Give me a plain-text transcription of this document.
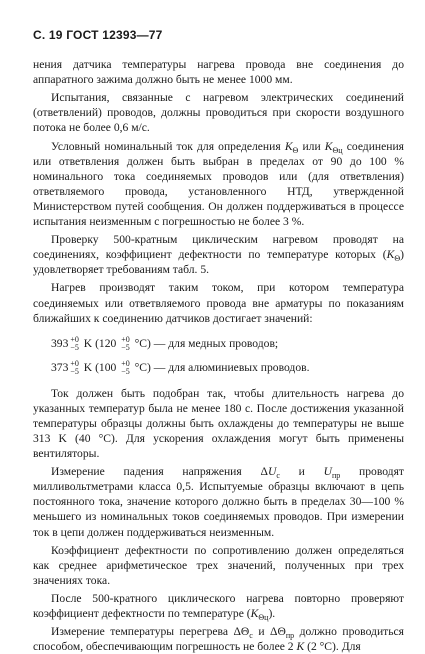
С. 19 ГОСТ 12393—77

нения датчика температуры нагрева провода вне соединения до аппаратного зажима должно быть не менее 1000 мм.

Испытания, связанные с нагревом электрических соединений (ответвлений) проводов, должны проводиться при скорости воздушного потока не более 0,6 м/с.

Условный номинальный ток для определения $K_\Theta$ или $K_{\Theta ц}$ соединения или ответвления должен быть выбран в пределах от 90 до 100 % номинального тока соединяемых проводов или (для ответвления) ответвляемого провода, установленного НТД, утвержденной Министерством путей сообщения. Он должен поддерживаться в процессе испытания неизменным с погрешностью не более 3 %.

Проверку 500-кратным циклическим нагревом проводят на соединениях, коэффициент дефектности по температуре которых $(K_\Theta)$ удовлетворяет требованиям табл. 5.

Нагрев производят таким током, при котором температура соединяемых или ответвляемого провода вне арматуры по показаниям ближайших к соединению датчиков достигает значений:

393 +0
−5 K (120 +0
−5 °C) — для медных проводов;
373 +0
−5 K (100 +0
−5 °C) — для алюминиевых проводов.

Ток должен быть подобран так, чтобы длительность нагрева до указанных температур была не менее 180 с. После достижения указанной температуры образцы должны быть охлаждены до температуры не выше 313 K (40 °C). Для ускорения охлаждения могут быть применены вентиляторы.

Измерение падения напряжения $\Delta U_c$ и $U_{пр}$ проводят милливольтметрами класса 0,5. Испытуемые образцы включают в цепь постоянного тока, значение которого должно быть в пределах 30—100 % меньшего из номинальных токов соединяемых проводов. При измерении ток в цепи должен поддерживаться неизменным.

Коэффициент дефектности по сопротивлению должен определяться как среднее арифметическое трех значений, полученных при трех значениях тока.

После 500-кратного циклического нагрева повторно проверяют коэффициент дефектности по температуре $(K_{\Theta ц})$.

Измерение температуры перегрева $\Delta\Theta_c$ и $\Delta\Theta_{пр}$ должно проводиться способом, обеспечивающим погрешность не более 2 K (2 °C). Для
